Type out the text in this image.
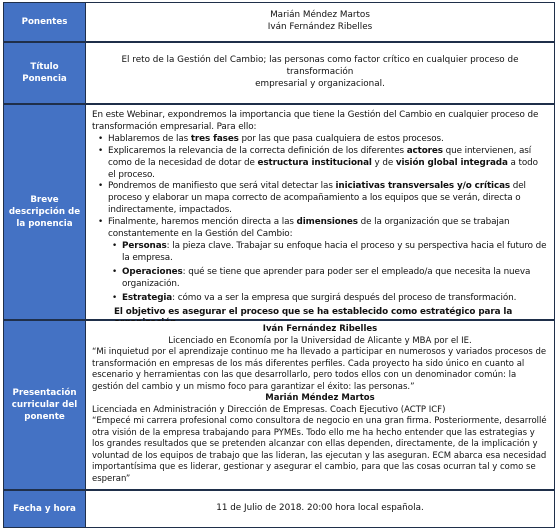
Ponentes

Marián Méndez Martos

Iván Fernández Ribelles

Título Ponencia

El reto de la Gestión del Cambio; las personas como factor crítico en cualquier proceso de transformación

empresarial y organizacional.

Breve descripción de la ponencia

En este Webinar, expondremos la importancia que tiene la Gestión del Cambio en cualquier proceso de transformación empresarial. Para ello:

• Hablaremos de las tres fases por las que pasa cualquiera de estos procesos.
• Explicaremos la relevancia de la correcta definición de los diferentes actores que intervienen, así como de la necesidad de dotar de estructura institucional y de visión global integrada a todo el proceso.
• Pondremos de manifiesto que será vital detectar las iniciativas transversales y/o críticas del proceso y elaborar un mapa correcto de acompañamiento a los equipos que se verán, directa o indirectamente, impactados.
• Finalmente, haremos mención directa a las dimensiones de la organización que se trabajan constantemente en la Gestión del Cambio:
• Personas: la pieza clave. Trabajar su enfoque hacia el proceso y su perspectiva hacia el futuro de la empresa.
• Operaciones: qué se tiene que aprender para poder ser el empleado/a que necesita la nueva organización.
• Estrategia: cómo va a ser la empresa que surgirá después del proceso de transformación.

El objetivo es asegurar el proceso que se ha establecido como estratégico para la

Presentación curricular del ponente

Iván Fernández Ribelles

Licenciado en Economía por la Universidad de Alicante y MBA por el IE.

“Mi inquietud por el aprendizaje continuo me ha llevado a participar en numerosos y variados procesos de transformación en empresas de los más diferentes perfiles. Cada proyecto ha sido único en cuanto al escenario y herramientas con las que desarrollarlo, pero todos ellos con un denominador común: la gestión del cambio y un mismo foco para garantizar el éxito: las personas.”

Marián Méndez Martos

Licenciada en Administración y Dirección de Empresas. Coach Ejecutivo (ACTP ICF)

“Empecé mi carrera profesional como consultora de negocio en una gran firma. Posteriormente, desarrollé otra visión de la empresa trabajando para PYMEs. Todo ello me ha hecho entender que las estrategias y los grandes resultados que se pretenden alcanzar con ellas dependen, directamente, de la implicación y voluntad de los equipos de trabajo que las lideran, las ejecutan y las aseguran. ECM abarca esa necesidad importantísima que es liderar, gestionar y asegurar el cambio, para que las cosas ocurran tal y como se esperan”

Fecha y hora	11 de Julio de 2018. 20:00 hora local española.
